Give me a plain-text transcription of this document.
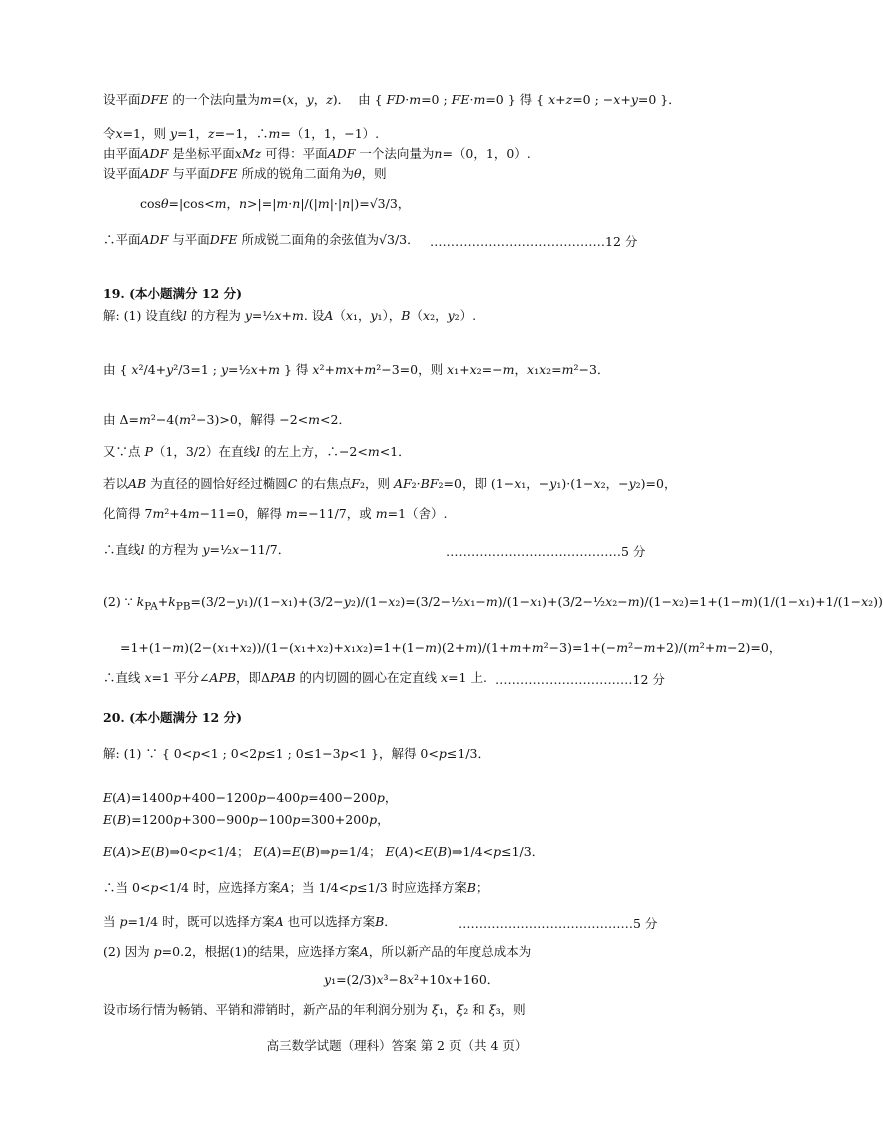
设平面DFE 的一个法向量为m=(x，y，z)．  由 { FD·m=0 ; FE·m=0 } 得 { x+z=0 ; −x+y=0 }．
令x=1，则 y=1，z=−1，∴m=（1，1，−1）.
由平面ADF 是坐标平面xMz 可得：平面ADF 一个法向量为n=（0，1，0）.
设平面ADF 与平面DFE 所成的锐角二面角为θ，则
cosθ=|cos<m，n>|=|m·n|/(|m|·|n|)=√3/3，
∴平面ADF 与平面DFE 所成锐二面角的余弦值为√3/3．
……………………………………12 分
19. (本小题满分 12 分)
解: (1) 设直线l 的方程为 y=½x+m. 设A（x₁，y₁），B（x₂，y₂）.
由 { x²/4+y²/3=1 ; y=½x+m } 得 x²+mx+m²−3=0，则 x₁+x₂=−m，x₁x₂=m²−3．
由 Δ=m²−4(m²−3)>0，解得 −2<m<2．
又∵点 P（1，3/2）在直线l 的左上方，∴−2<m<1．
若以AB 为直径的圆恰好经过椭圆C 的右焦点F₂，则 AF₂·BF₂=0，即 (1−x₁，−y₁)·(1−x₂，−y₂)=0，
化简得 7m²+4m−11=0，解得 m=−11/7，或 m=1（舍）.
∴直线l 的方程为 y=½x−11/7．	……………………………………5 分
(2) ∵ $k_{PA}+k_{PB}=(3/2-y_1)/(1-x_1)+(3/2-y_2)/(1-x_2)=(3/2-\frac{1}{2}x_1-m)/(1-x_1)+(3/2-\frac{1}{2}x_2-m)/(1-x_2)=1+(1-m)(1/(1-x_1)+1/(1-x_2))$
=1+(1−m)(2−(x₁+x₂))/(1−(x₁+x₂)+x₁x₂)=1+(1−m)(2+m)/(1+m+m²−3)=1+(−m²−m+2)/(m²+m−2)=0，
∴直线 x=1 平分∠APB，即ΔPAB 的内切圆的圆心在定直线 x=1 上. ……………………………12 分
20. (本小题满分 12 分)
解: (1) ∵ { 0<p<1 ; 0<2p≤1 ; 0≤1−3p<1 }，解得 0<p≤1/3．
E(A)=1400p+400−1200p−400p=400−200p，
E(B)=1200p+300−900p−100p=300+200p，
E(A)>E(B)⇒0<p<1/4； E(A)=E(B)⇒p=1/4； E(A)<E(B)⇒1/4<p≤1/3．
∴当 0<p<1/4 时，应选择方案A；当 1/4<p≤1/3 时应选择方案B；
当 p=1/4 时，既可以选择方案A 也可以选择方案B．	……………………………………5 分
(2) 因为 p=0.2，根据(1)的结果，应选择方案A，所以新产品的年度总成本为
y₁=(2/3)x³−8x²+10x+160．
设市场行情为畅销、平销和滞销时，新产品的年利润分别为 ξ₁，ξ₂ 和 ξ₃，则
高三数学试题（理科）答案 第 2 页（共 4 页）
